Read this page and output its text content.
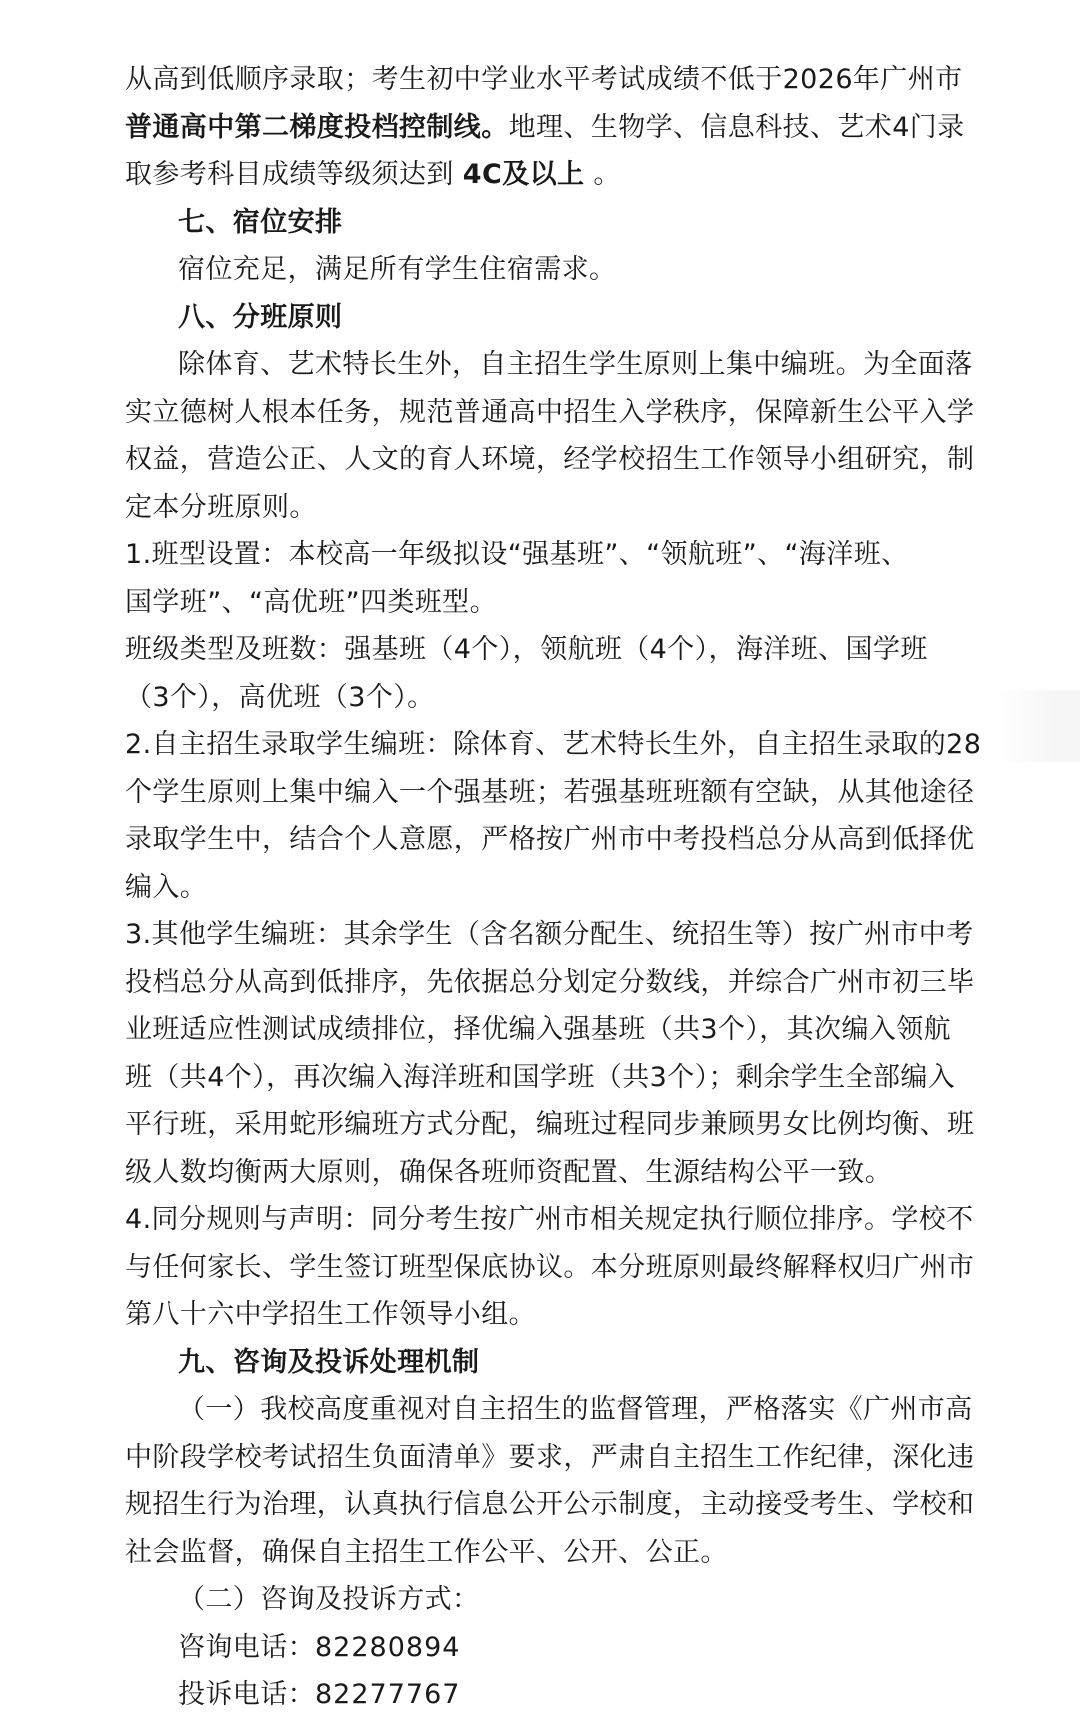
从高到低顺序录取；考生初中学业水平考试成绩不低于2026年广州市
普通高中第二梯度投档控制线。地理、生物学、信息科技、艺术4门录
取参考科目成绩等级须达到 4C及以上 。
七、宿位安排
宿位充足，满足所有学生住宿需求。
八、分班原则
除体育、艺术特长生外，自主招生学生原则上集中编班。为全面落
实立德树人根本任务，规范普通高中招生入学秩序，保障新生公平入学
权益，营造公正、人文的育人环境，经学校招生工作领导小组研究，制
定本分班原则。
1.班型设置：本校高一年级拟设“强基班”、“领航班”、“海洋班、
国学班”、“高优班”四类班型。
班级类型及班数：强基班（4个），领航班（4个），海洋班、国学班
（3个），高优班（3个）。
2.自主招生录取学生编班：除体育、艺术特长生外，自主招生录取的28
个学生原则上集中编入一个强基班；若强基班班额有空缺，从其他途径
录取学生中，结合个人意愿，严格按广州市中考投档总分从高到低择优
编入。
3.其他学生编班：其余学生（含名额分配生、统招生等）按广州市中考
投档总分从高到低排序，先依据总分划定分数线，并综合广州市初三毕
业班适应性测试成绩排位，择优编入强基班（共3个），其次编入领航
班（共4个），再次编入海洋班和国学班（共3个）；剩余学生全部编入
平行班，采用蛇形编班方式分配，编班过程同步兼顾男女比例均衡、班
级人数均衡两大原则，确保各班师资配置、生源结构公平一致。
4.同分规则与声明：同分考生按广州市相关规定执行顺位排序。学校不
与任何家长、学生签订班型保底协议。本分班原则最终解释权归广州市
第八十六中学招生工作领导小组。
九、咨询及投诉处理机制
（一）我校高度重视对自主招生的监督管理，严格落实《广州市高
中阶段学校考试招生负面清单》要求，严肃自主招生工作纪律，深化违
规招生行为治理，认真执行信息公开公示制度，主动接受考生、学校和
社会监督，确保自主招生工作公平、公开、公正。
（二）咨询及投诉方式：
咨询电话：82280894
投诉电话：82277767
